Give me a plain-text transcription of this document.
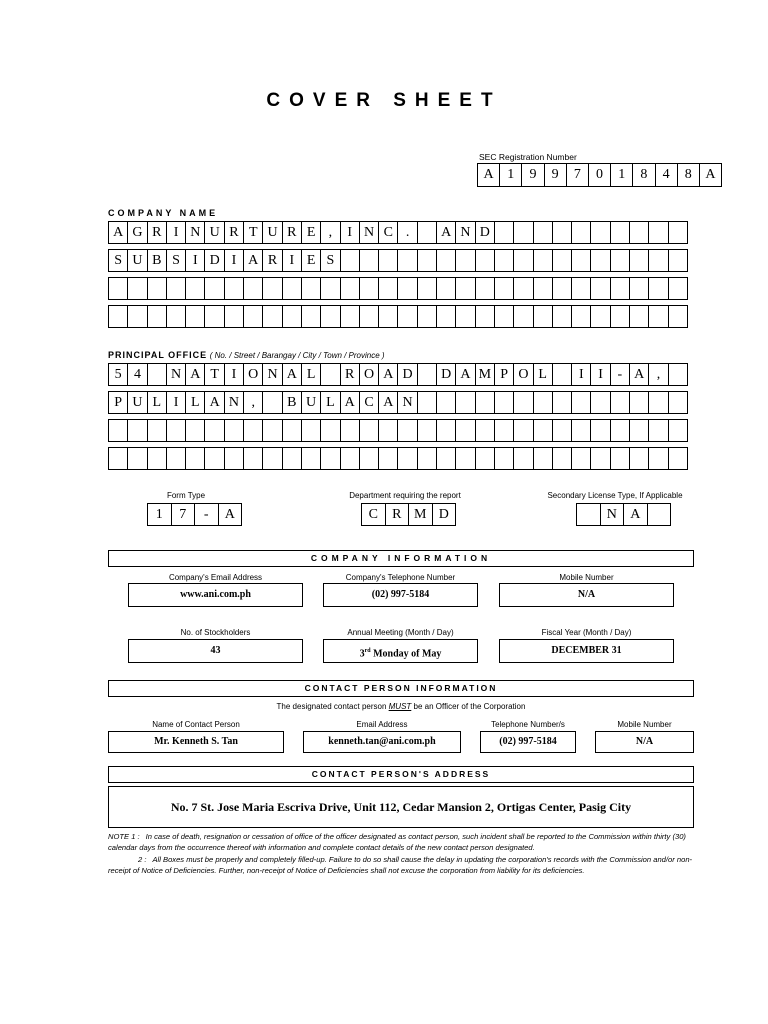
COVER SHEET
SEC Registration Number
A 1	9	9	7	0	1	8	4	8 A
COMPANY NAME
A G R I N U R T U R E ,	I N C .	A N D
S U B S I D I A R I E S
PRINCIPAL OFFICE ( No. / Street / Barangay / City / Town / Province )
5 4	N A T I O N A L	R O A D	D A M P O L	I	I	- A ,
P U L I L A N ,	B U L A C A N
Form Type
1	7	-	A
Department requiring the report
C	R M D
Secondary License Type, If Applicable
N A
COMPANY INFORMATION
Company's Email Address
www.ani.com.ph
Company's Telephone Number
(02) 997-5184
Mobile Number
N/A
No. of Stockholders
43
Annual Meeting (Month / Day)
3rd Monday of May
Fiscal Year (Month / Day)
DECEMBER 31
CONTACT PERSON INFORMATION
The designated contact person MUST be an Officer of the Corporation
Name of Contact Person
Mr. Kenneth S. Tan
Email Address
kenneth.tan@ani.com.ph
Telephone Number/s
(02) 997-5184
Mobile Number
N/A
CONTACT PERSON'S ADDRESS
No. 7 St. Jose Maria Escriva Drive, Unit 112, Cedar Mansion 2, Ortigas Center, Pasig City
NOTE 1 : In case of death, resignation or cessation of office of the officer designated as contact person, such incident shall be reported to the Commission within thirty (30) calendar days from the occurrence thereof with information and complete contact details of the new contact person designated.
2 : All Boxes must be properly and completely filled-up. Failure to do so shall cause the delay in updating the corporation's records with the Commission and/or non-receipt of Notice of Deficiencies. Further, non-receipt of Notice of Deficiencies shall not excuse the corporation from liability for its deficiencies.
